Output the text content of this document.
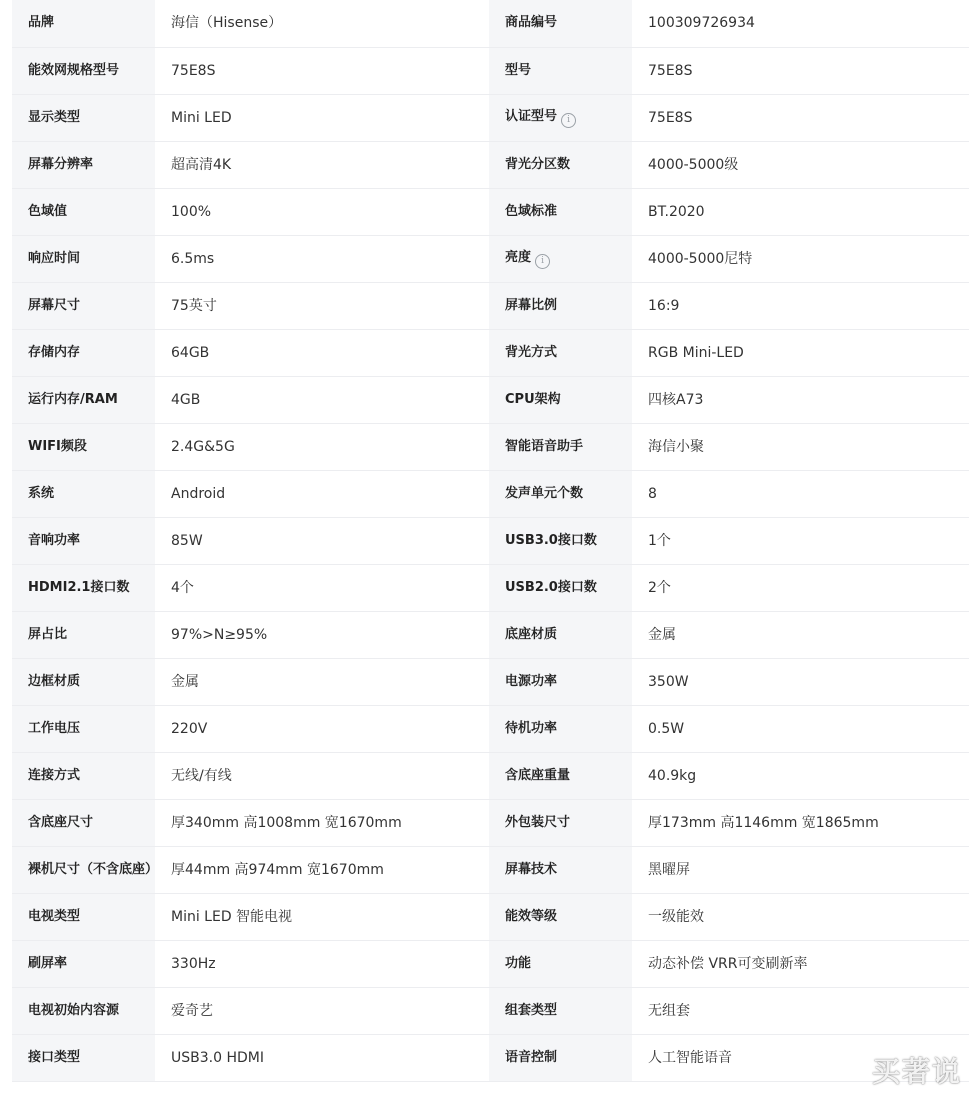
品牌	海信（Hisense）	商品编号	100309726934
能效网规格型号	75E8S	型号	75E8S
显示类型	Mini LED	认证型号 i	75E8S
屏幕分辨率	超高清4K	背光分区数	4000-5000级
色域值	100%	色域标准	BT.2020
响应时间	6.5ms	亮度 i	4000-5000尼特
屏幕尺寸	75英寸	屏幕比例	16:9
存储内存	64GB	背光方式	RGB Mini-LED
运行内存/RAM	4GB	CPU架构	四核A73
WIFI频段	2.4G&5G	智能语音助手	海信小聚
系统	Android	发声单元个数	8
音响功率	85W	USB3.0接口数	1个
HDMI2.1接口数	4个	USB2.0接口数	2个
屏占比	97%>N≥95%	底座材质	金属
边框材质	金属	电源功率	350W
工作电压	220V	待机功率	0.5W
连接方式	无线/有线	含底座重量	40.9kg
含底座尺寸	厚340mm 高1008mm 宽1670mm	外包装尺寸	厚173mm 高1146mm 宽1865mm
裸机尺寸（不含底座）	厚44mm 高974mm 宽1670mm	屏幕技术	黑曜屏
电视类型	Mini LED 智能电视	能效等级	一级能效
刷屏率	330Hz	功能	动态补偿 VRR可变刷新率
电视初始内容源	爱奇艺	组套类型	无组套
接口类型	USB3.0 HDMI	语音控制	人工智能语音	买著说
